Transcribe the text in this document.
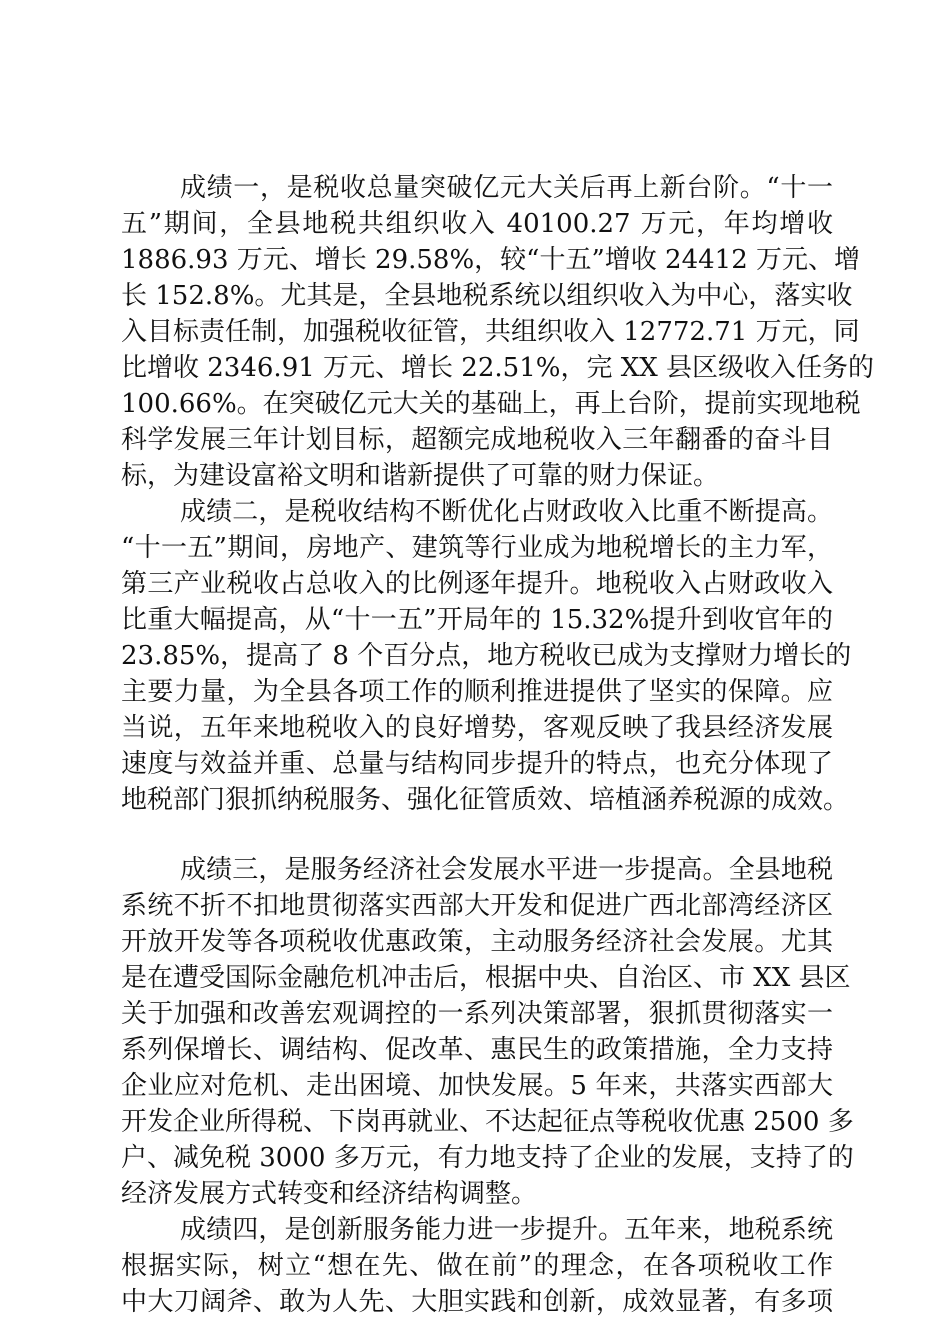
成绩一，是税收总量突破亿元大关后再上新台阶。“十一
五”期间，全县地税共组织收入 40100.27 万元，年均增收
1886.93 万元、增长 29.58%，较“十五”增收 24412 万元、增
长 152.8%。尤其是，全县地税系统以组织收入为中心，落实收
入目标责任制，加强税收征管，共组织收入 12772.71 万元，同
比增收 2346.91 万元、增长 22.51%，完 XX 县区级收入任务的
100.66%。在突破亿元大关的基础上，再上台阶，提前实现地税
科学发展三年计划目标，超额完成地税收入三年翻番的奋斗目
标，为建设富裕文明和谐新提供了可靠的财力保证。
成绩二，是税收结构不断优化占财政收入比重不断提高。
“十一五”期间，房地产、建筑等行业成为地税增长的主力军，
第三产业税收占总收入的比例逐年提升。地税收入占财政收入
比重大幅提高，从“十一五”开局年的 15.32%提升到收官年的
23.85%，提高了 8 个百分点，地方税收已成为支撑财力增长的
主要力量，为全县各项工作的顺利推进提供了坚实的保障。应
当说，五年来地税收入的良好增势，客观反映了我县经济发展
速度与效益并重、总量与结构同步提升的特点，也充分体现了
地税部门狠抓纳税服务、强化征管质效、培植涵养税源的成效。
成绩三，是服务经济社会发展水平进一步提高。全县地税
系统不折不扣地贯彻落实西部大开发和促进广西北部湾经济区
开放开发等各项税收优惠政策，主动服务经济社会发展。尤其
是在遭受国际金融危机冲击后，根据中央、自治区、市 XX 县区
关于加强和改善宏观调控的一系列决策部署，狠抓贯彻落实一
系列保增长、调结构、促改革、惠民生的政策措施，全力支持
企业应对危机、走出困境、加快发展。5 年来，共落实西部大
开发企业所得税、下岗再就业、不达起征点等税收优惠 2500 多
户、减免税 3000 多万元，有力地支持了企业的发展，支持了的
经济发展方式转变和经济结构调整。
成绩四，是创新服务能力进一步提升。五年来，地税系统
根据实际，树立“想在先、做在前”的理念，在各项税收工作
中大刀阔斧、敢为人先、大胆实践和创新，成效显著，有多项
